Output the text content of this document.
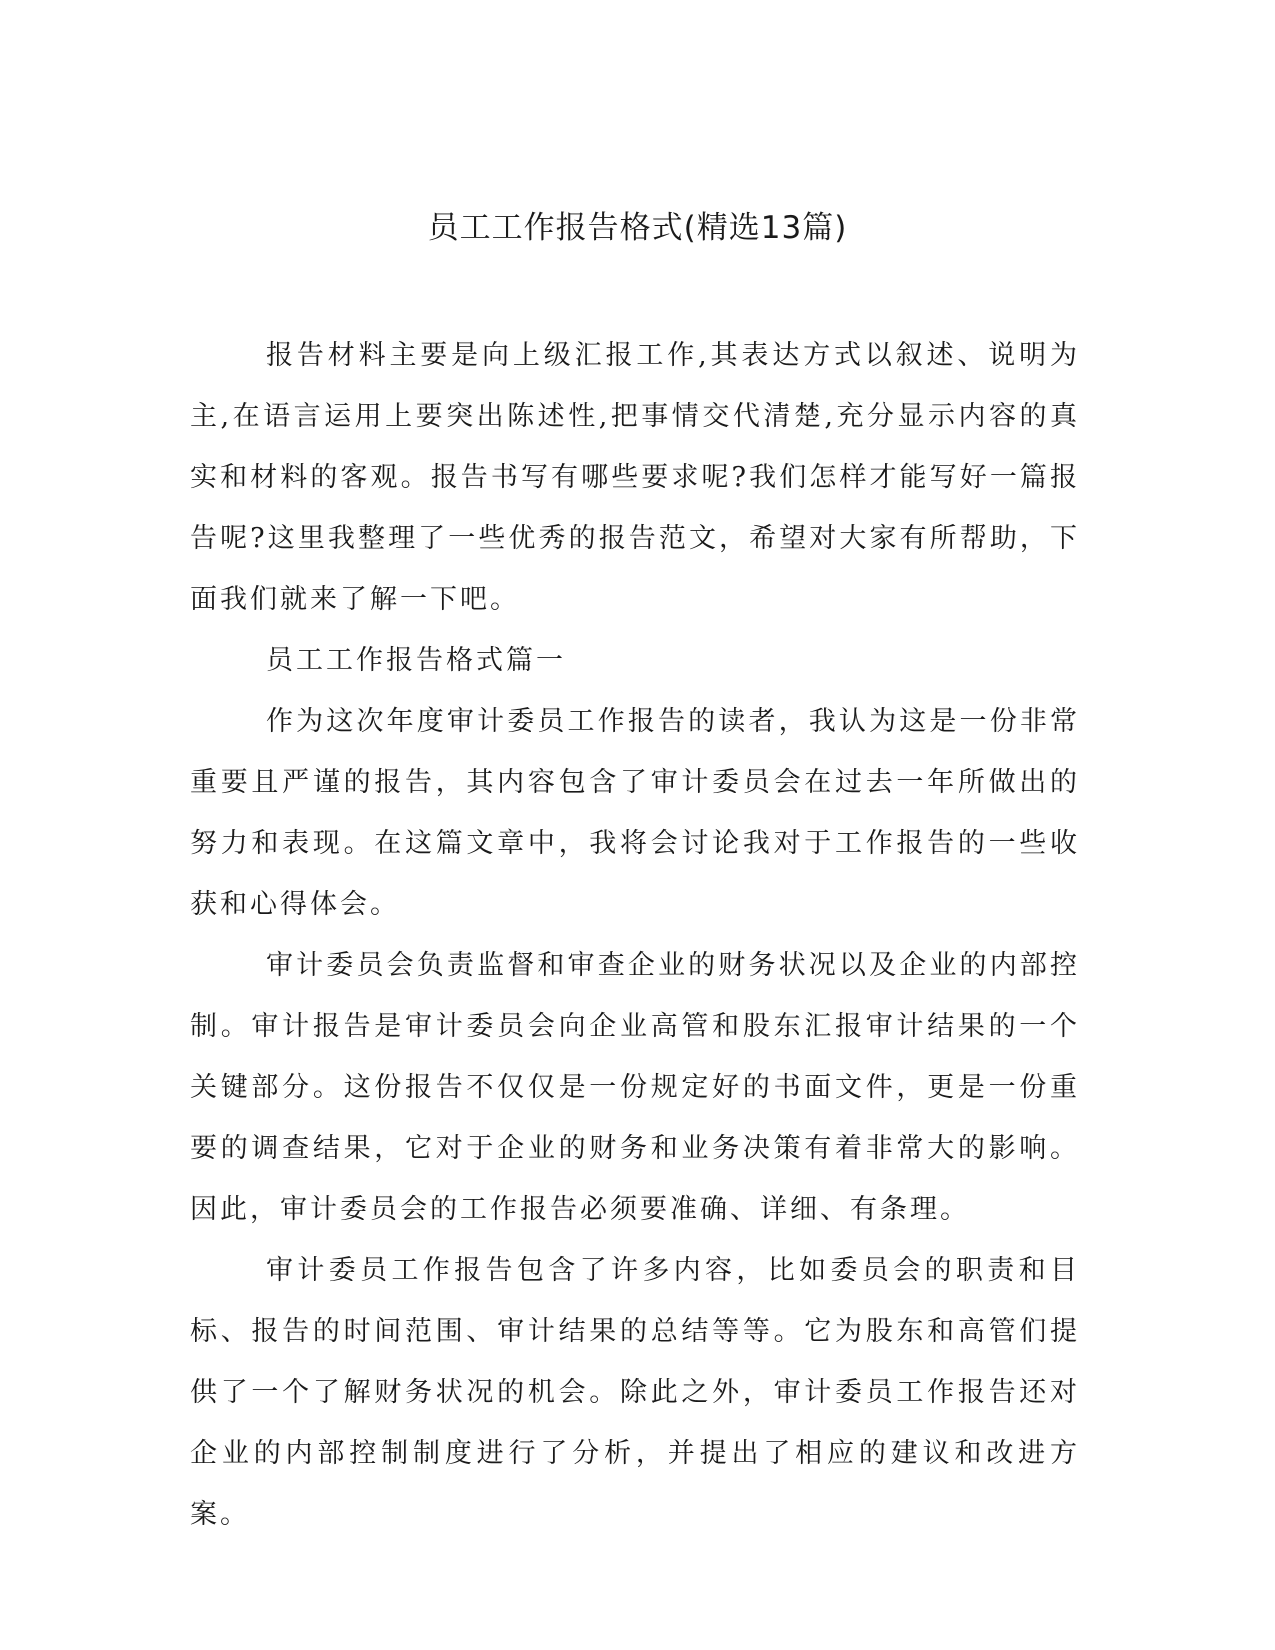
员工工作报告格式(精选13篇)

报告材料主要是向上级汇报工作,其表达方式以叙述、说明为主,在语言运用上要突出陈述性,把事情交代清楚,充分显示内容的真实和材料的客观。报告书写有哪些要求呢?我们怎样才能写好一篇报告呢?这里我整理了一些优秀的报告范文，希望对大家有所帮助，下面我们就来了解一下吧。

员工工作报告格式篇一

作为这次年度审计委员工作报告的读者，我认为这是一份非常重要且严谨的报告，其内容包含了审计委员会在过去一年所做出的努力和表现。在这篇文章中，我将会讨论我对于工作报告的一些收获和心得体会。

审计委员会负责监督和审查企业的财务状况以及企业的内部控制。审计报告是审计委员会向企业高管和股东汇报审计结果的一个关键部分。这份报告不仅仅是一份规定好的书面文件，更是一份重要的调查结果，它对于企业的财务和业务决策有着非常大的影响。因此，审计委员会的工作报告必须要准确、详细、有条理。

审计委员工作报告包含了许多内容，比如委员会的职责和目标、报告的时间范围、审计结果的总结等等。它为股东和高管们提供了一个了解财务状况的机会。除此之外，审计委员工作报告还对企业的内部控制制度进行了分析，并提出了相应的建议和改进方案。
